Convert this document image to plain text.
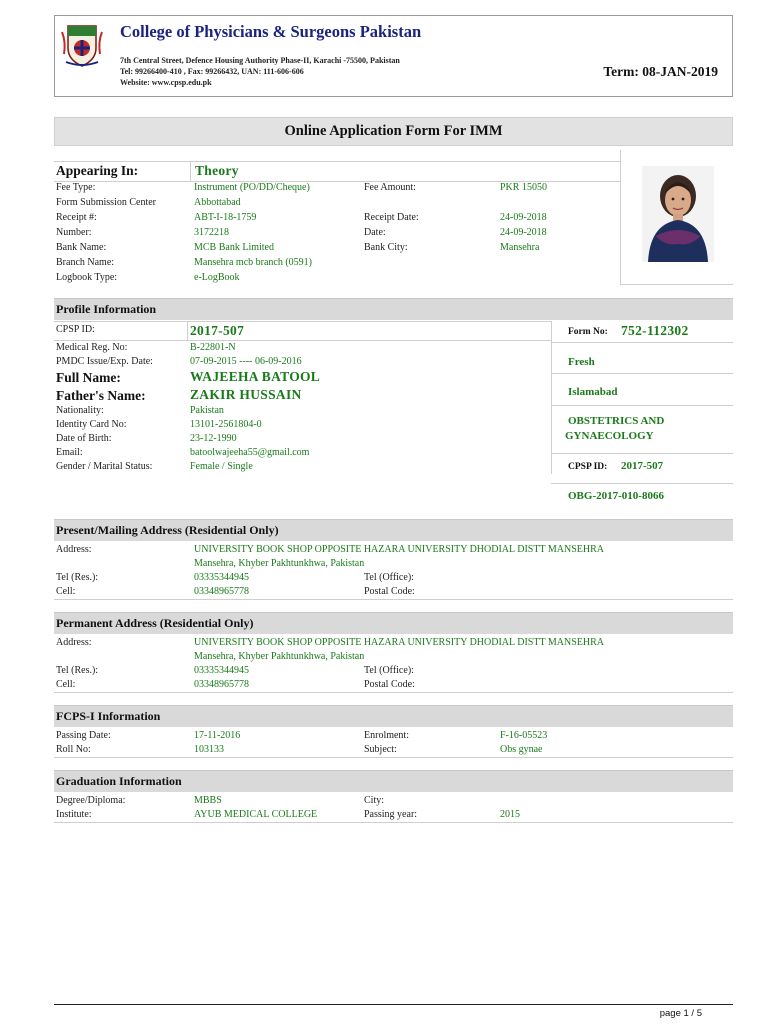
College of Physicians & Surgeons Pakistan
7th Central Street, Defence Housing Authority Phase-II, Karachi -75500, Pakistan
Tel: 99266400-410 , Fax: 99266432, UAN: 111-606-606
Website: www.cpsp.edu.pk
Term: 08-JAN-2019
Online Application Form For IMM
Appearing In:	Theory
Fee Type:	Instrument (PO/DD/Cheque)	Fee Amount:	PKR 15050
Form Submission Center	Abbottabad
Receipt #:	ABT-I-18-1759	Receipt Date:	24-09-2018
Number:	3172218	Date:	24-09-2018
Bank Name:	MCB Bank Limited	Bank City:	Mansehra
Branch Name:	Mansehra mcb branch (0591)
Logbook Type:	e-LogBook
Profile Information
CPSP ID:	2017-507
Medical Reg. No:	B-22801-N
PMDC Issue/Exp. Date:	07-09-2015 ---- 06-09-2016
Full Name:	WAJEEHA BATOOL
Father's Name:	ZAKIR HUSSAIN
Nationality:	Pakistan
Identity Card No:	13101-2561804-0
Date of Birth:	23-12-1990
Email:	batoolwajeeha55@gmail.com
Gender / Marital Status:	Female / Single
Form No: 752-112302
Fresh
Islamabad
OBSTETRICS AND
GYNAECOLOGY
CPSP ID: 2017-507
OBG-2017-010-8066
Present/Mailing Address (Residential Only)
Address:	UNIVERSITY BOOK SHOP OPPOSITE HAZARA UNIVERSITY DHODIAL DISTT MANSEHRA
Mansehra, Khyber Pakhtunkhwa, Pakistan
Tel (Res.):	03335344945	Tel (Office):
Cell:	03348965778	Postal Code:
Permanent Address (Residential Only)
Address:	UNIVERSITY BOOK SHOP OPPOSITE HAZARA UNIVERSITY DHODIAL DISTT MANSEHRA
Mansehra, Khyber Pakhtunkhwa, Pakistan
Tel (Res.):	03335344945	Tel (Office):
Cell:	03348965778	Postal Code:
FCPS-I Information
Passing Date:	17-11-2016	Enrolment:	F-16-05523
Roll No:	103133	Subject:	Obs gynae
Graduation Information
Degree/Diploma:	MBBS	City:
Institute:	AYUB MEDICAL COLLEGE	Passing year:	2015
page 1 / 5
